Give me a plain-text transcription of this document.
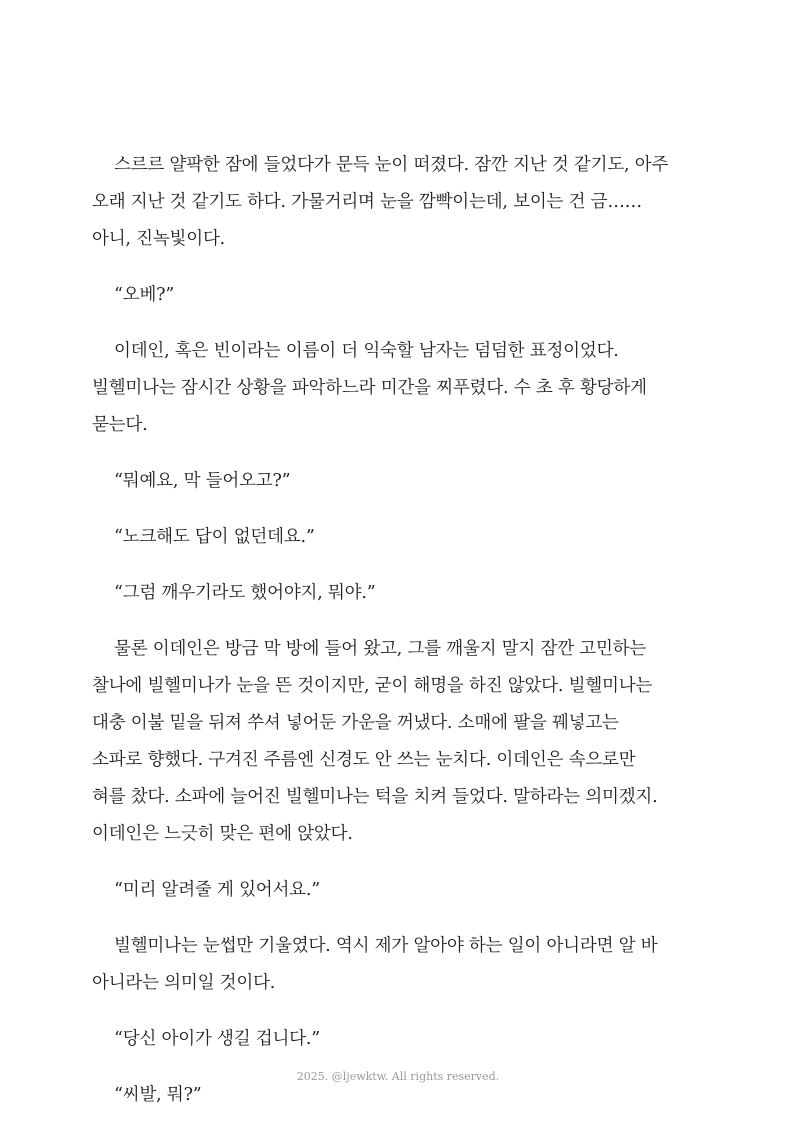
스르르 얄팍한 잠에 들었다가 문득 눈이 떠졌다. 잠깐 지난 것 같기도, 아주
오래 지난 것 같기도 하다. 가물거리며 눈을 깜빡이는데, 보이는 건 금……
아니, 진녹빛이다.

“오베?”

이데인, 혹은 빈이라는 이름이 더 익숙할 남자는 덤덤한 표정이었다.
빌헬미나는 잠시간 상황을 파악하느라 미간을 찌푸렸다. 수 초 후 황당하게
묻는다.

“뭐예요, 막 들어오고?”

“노크해도 답이 없던데요.”

“그럼 깨우기라도 했어야지, 뭐야.”

물론 이데인은 방금 막 방에 들어 왔고, 그를 깨울지 말지 잠깐 고민하는
찰나에 빌헬미나가 눈을 뜬 것이지만, 굳이 해명을 하진 않았다. 빌헬미나는
대충 이불 밑을 뒤져 쑤셔 넣어둔 가운을 꺼냈다. 소매에 팔을 꿰넣고는
소파로 향했다. 구겨진 주름엔 신경도 안 쓰는 눈치다. 이데인은 속으로만
혀를 찼다. 소파에 늘어진 빌헬미나는 턱을 치켜 들었다. 말하라는 의미겠지.
이데인은 느긋히 맞은 편에 앉았다.

“미리 알려줄 게 있어서요.”

빌헬미나는 눈썹만 기울였다. 역시 제가 알아야 하는 일이 아니라면 알 바
아니라는 의미일 것이다.

“당신 아이가 생길 겁니다.”

“씨발, 뭐?”

2025. @ljewktw. All rights reserved.
